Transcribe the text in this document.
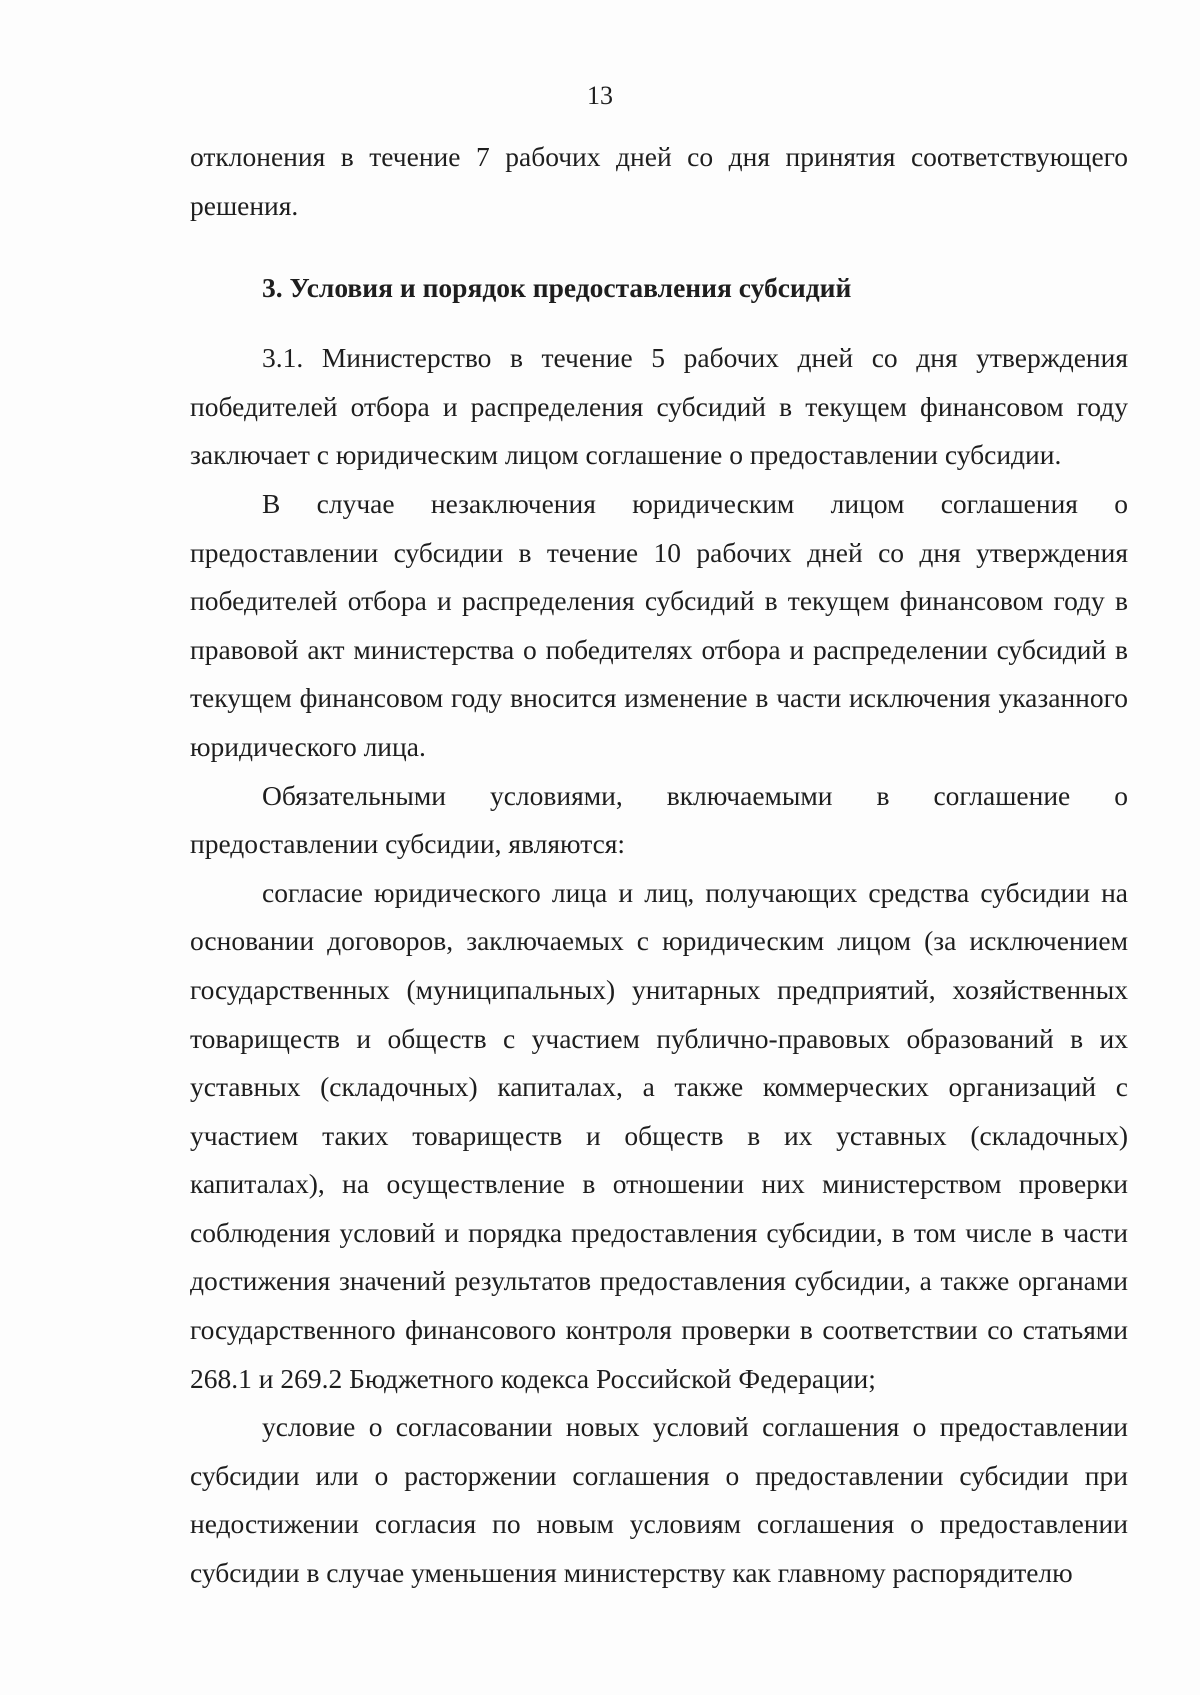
13

отклонения в течение 7 рабочих дней со дня принятия соответствующего решения.

3. Условия и порядок предоставления субсидий

3.1. Министерство в течение 5 рабочих дней со дня утверждения победителей отбора и распределения субсидий в текущем финансовом году заключает с юридическим лицом соглашение о предоставлении субсидии.

В случае незаключения юридическим лицом соглашения о предоставлении субсидии в течение 10 рабочих дней со дня утверждения победителей отбора и распределения субсидий в текущем финансовом году в правовой акт министерства о победителях отбора и распределении субсидий в текущем финансовом году вносится изменение в части исключения указанного юридического лица.

Обязательными условиями, включаемыми в соглашение о предоставлении субсидии, являются:

согласие юридического лица и лиц, получающих средства субсидии на основании договоров, заключаемых с юридическим лицом (за исключением государственных (муниципальных) унитарных предприятий, хозяйственных товариществ и обществ с участием публично-правовых образований в их уставных (складочных) капиталах, а также коммерческих организаций с участием таких товариществ и обществ в их уставных (складочных) капиталах), на осуществление в отношении них министерством проверки соблюдения условий и порядка предоставления субсидии, в том числе в части достижения значений результатов предоставления субсидии, а также органами государственного финансового контроля проверки в соответствии со статьями 268.1 и 269.2 Бюджетного кодекса Российской Федерации;

условие о согласовании новых условий соглашения о предоставлении субсидии или о расторжении соглашения о предоставлении субсидии при недостижении согласия по новым условиям соглашения о предоставлении субсидии в случае уменьшения министерству как главному распорядителю
